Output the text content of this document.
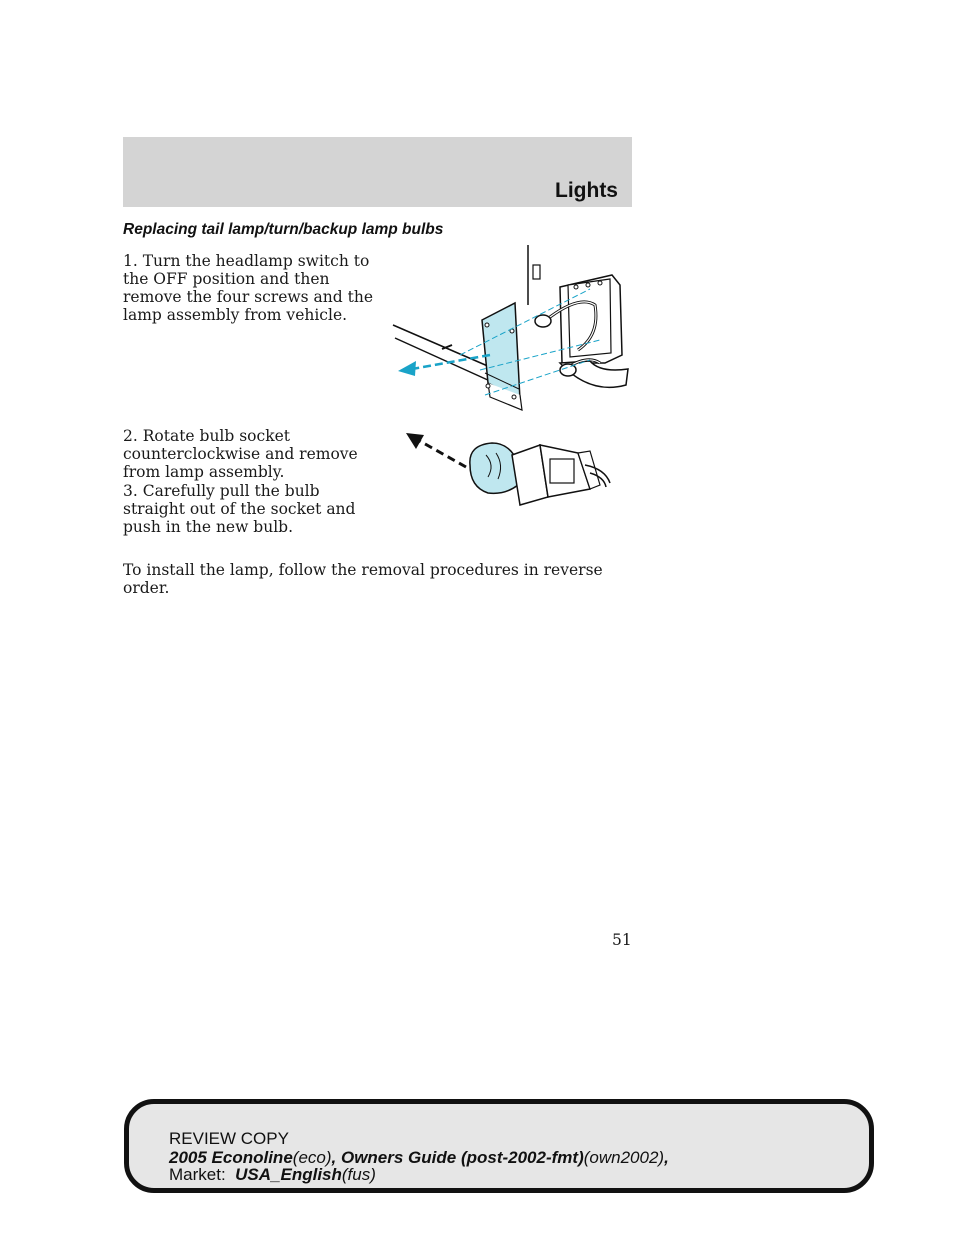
Lights
Replacing tail lamp/turn/backup lamp bulbs
1. Turn the headlamp switch to the OFF position and then remove the four screws and the lamp assembly from vehicle.
2. Rotate bulb socket counterclockwise and remove from lamp assembly.
3. Carefully pull the bulb straight out of the socket and push in the new bulb.
To install the lamp, follow the removal procedures in reverse order.
51
REVIEW COPY
2005 Econoline(eco), Owners Guide (post-2002-fmt)(own2002),
Market: USA_English(fus)
